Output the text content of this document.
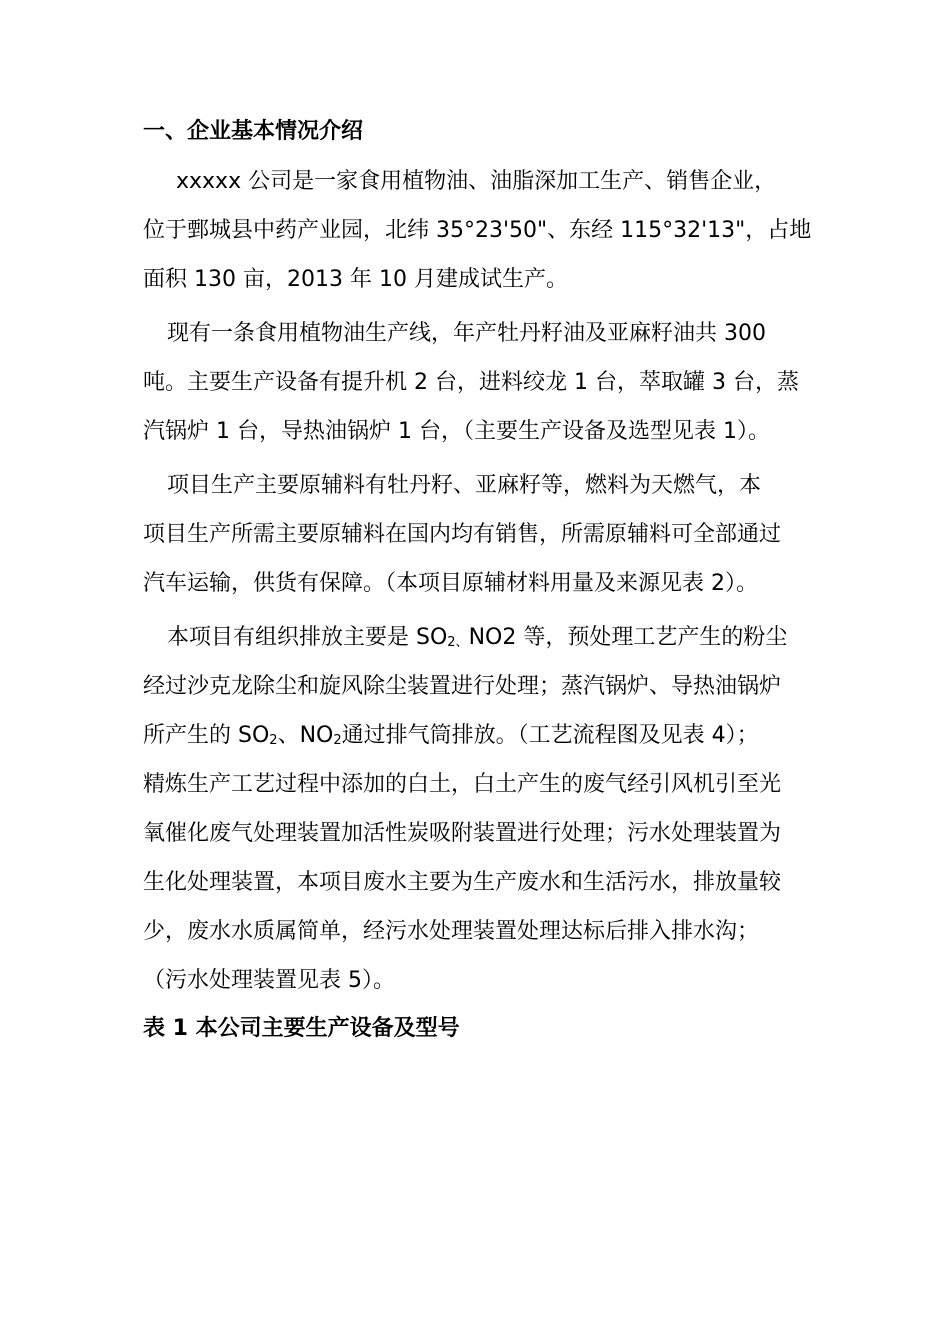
一、企业基本情况介绍

xxxxx 公司是一家食用植物油、油脂深加工生产、销售企业，

位于鄄城县中药产业园，北纬 35°23'50"、东经 115°32'13"，占地

面积 130 亩，2013 年 10 月建成试生产。

现有一条食用植物油生产线，年产牡丹籽油及亚麻籽油共 300

吨。主要生产设备有提升机 2 台，进料绞龙 1 台，萃取罐 3 台，蒸

汽锅炉 1 台，导热油锅炉 1 台，（主要生产设备及选型见表 1）。

项目生产主要原辅料有牡丹籽、亚麻籽等，燃料为天燃气，本

项目生产所需主要原辅料在国内均有销售，所需原辅料可全部通过

汽车运输，供货有保障。（本项目原辅材料用量及来源见表 2）。

本项目有组织排放主要是 $SO_{2、}NO2$ 等，预处理工艺产生的粉尘

经过沙克龙除尘和旋风除尘装置进行处理；蒸汽锅炉、导热油锅炉

所产生的 $SO_2$、$NO_2$通过排气筒排放。（工艺流程图及见表 4）；

精炼生产工艺过程中添加的白土，白土产生的废气经引风机引至光

氧催化废气处理装置加活性炭吸附装置进行处理；污水处理装置为

生化处理装置，本项目废水主要为生产废水和生活污水，排放量较

少，废水水质属简单，经污水处理装置处理达标后排入排水沟；

（污水处理装置见表 5）。

表 1 本公司主要生产设备及型号
